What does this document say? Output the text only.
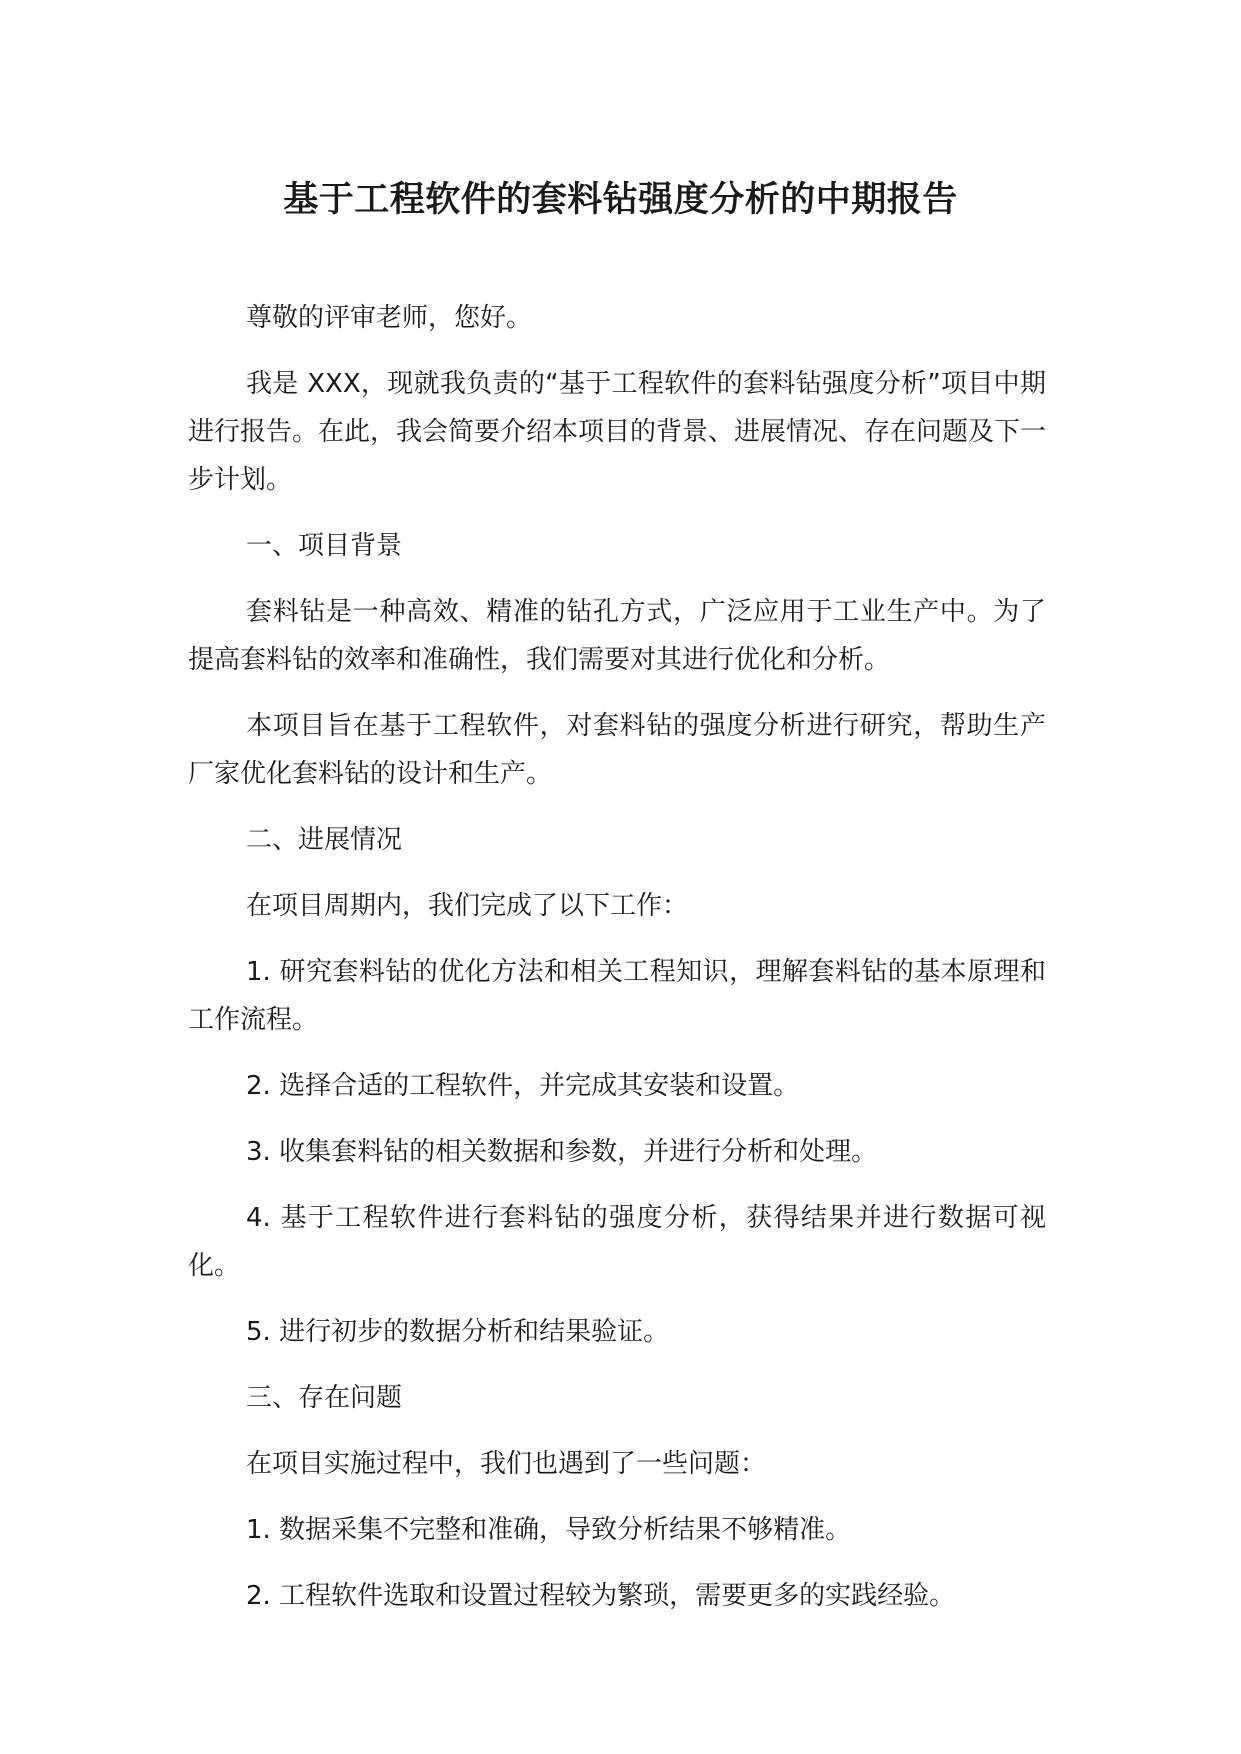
基于工程软件的套料钻强度分析的中期报告

尊敬的评审老师，您好。

我是 XXX，现就我负责的“基于工程软件的套料钻强度分析”项目中期进行报告。在此，我会简要介绍本项目的背景、进展情况、存在问题及下一步计划。

一、项目背景

套料钻是一种高效、精准的钻孔方式，广泛应用于工业生产中。为了提高套料钻的效率和准确性，我们需要对其进行优化和分析。

本项目旨在基于工程软件，对套料钻的强度分析进行研究，帮助生产厂家优化套料钻的设计和生产。

二、进展情况

在项目周期内，我们完成了以下工作：

1. 研究套料钻的优化方法和相关工程知识，理解套料钻的基本原理和工作流程。

2. 选择合适的工程软件，并完成其安装和设置。

3. 收集套料钻的相关数据和参数，并进行分析和处理。

4. 基于工程软件进行套料钻的强度分析，获得结果并进行数据可视化。

5. 进行初步的数据分析和结果验证。

三、存在问题

在项目实施过程中，我们也遇到了一些问题：

1. 数据采集不完整和准确，导致分析结果不够精准。

2. 工程软件选取和设置过程较为繁琐，需要更多的实践经验。
